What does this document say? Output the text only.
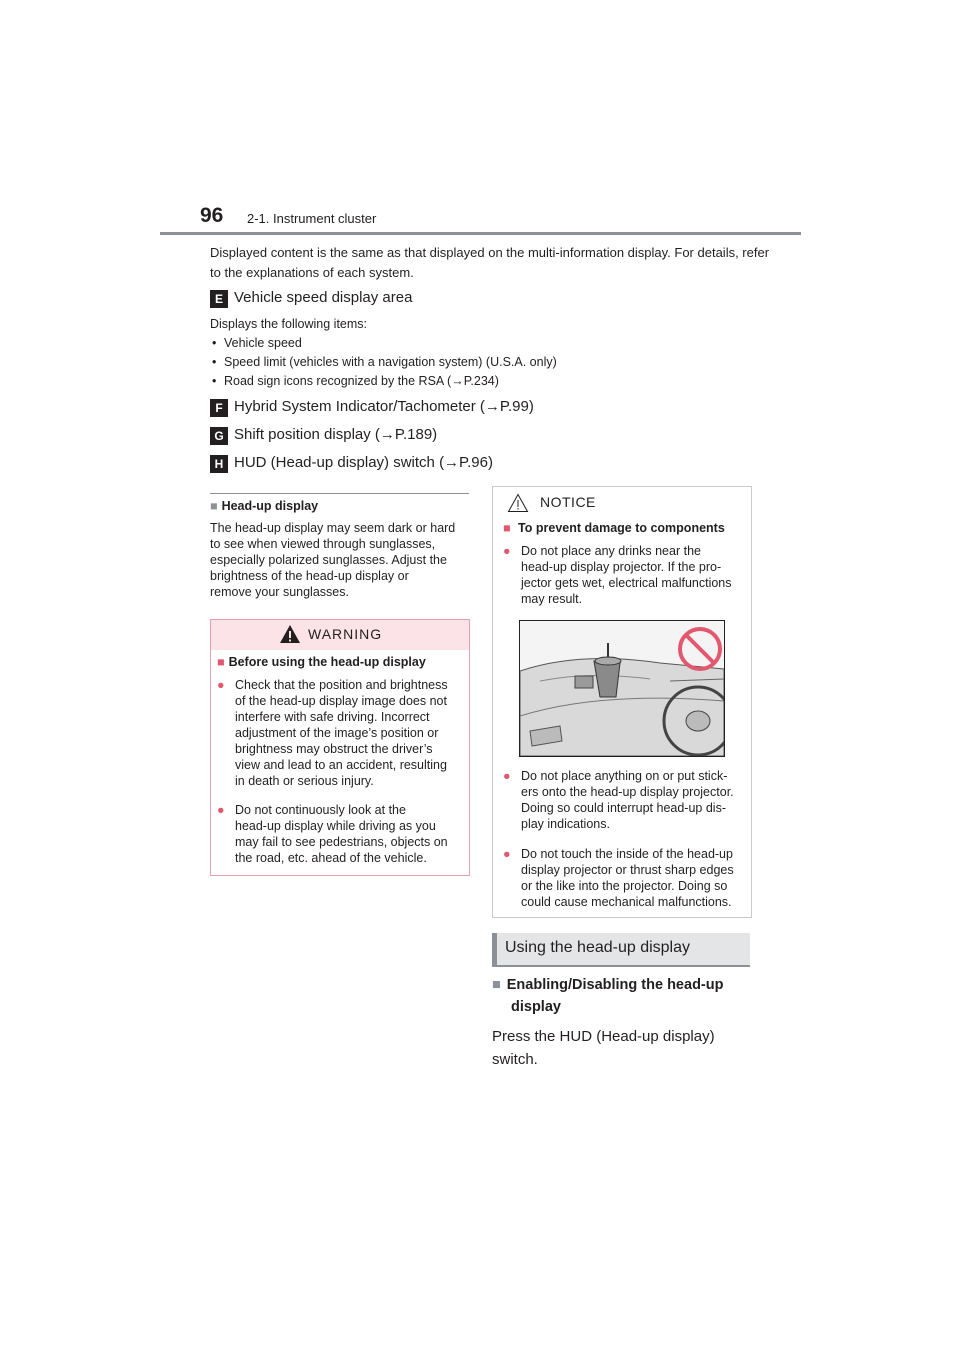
96 2-1. Instrument cluster
Displayed content is the same as that displayed on the multi-information display. For details, refer to the explanations of each system.
E Vehicle speed display area
Displays the following items:
• Vehicle speed
• Speed limit (vehicles with a navigation system) (U.S.A. only)
• Road sign icons recognized by the RSA (→P.234)
F Hybrid System Indicator/Tachometer (→P.99)
G Shift position display (→P.189)
H HUD (Head-up display) switch (→P.96)
■ Head-up display
The head-up display may seem dark or hard
to see when viewed through sunglasses,
especially polarized sunglasses. Adjust the
brightness of the head-up display or
remove your sunglasses.
WARNING
■ Before using the head-up display
● Check that the position and brightness
of the head-up display image does not
interfere with safe driving. Incorrect
adjustment of the image’s position or
brightness may obstruct the driver’s
view and lead to an accident, resulting
in death or serious injury.
● Do not continuously look at the
head-up display while driving as you
may fail to see pedestrians, objects on
the road, etc. ahead of the vehicle.
NOTICE
■ To prevent damage to components
● Do not place any drinks near the
head-up display projector. If the pro-
jector gets wet, electrical malfunctions
may result.
● Do not place anything on or put stick-
ers onto the head-up display projector.
Doing so could interrupt head-up dis-
play indications.
● Do not touch the inside of the head-up
display projector or thrust sharp edges
or the like into the projector. Doing so
could cause mechanical malfunctions.
Using the head-up display
■ Enabling/Disabling the head-up
display
Press the HUD (Head-up display)
switch.
